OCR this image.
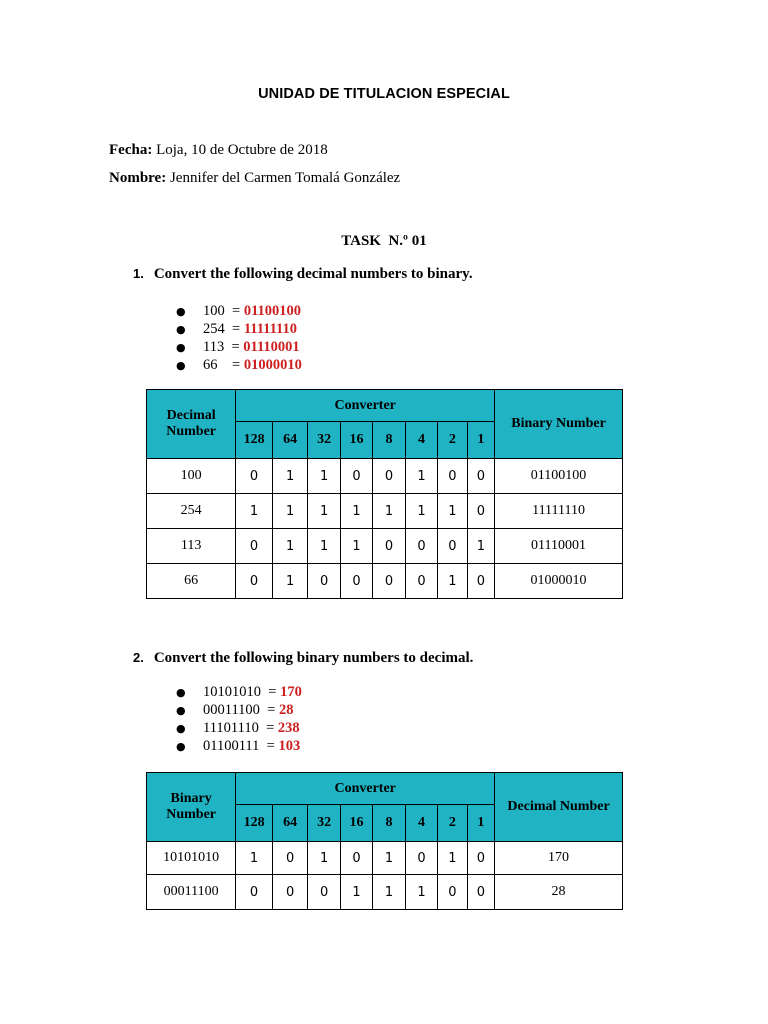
UNIDAD DE TITULACION ESPECIAL
Fecha: Loja, 10 de Octubre de 2018
Nombre: Jennifer del Carmen Tomalá González
TASK  N.º 01
1. Convert the following decimal numbers to binary.
● 100  = 01100100
● 254  = 11111110
● 113  = 01110001
● 66    = 01000010
Decimal Number	Converter								Binary Number
	128	64	32	16	8	4	2	1	
100	0	1	1	0	0	1	0	0	01100100
254	1	1	1	1	1	1	1	0	11111110
113	0	1	1	1	0	0	0	1	01110001
66	0	1	0	0	0	0	1	0	01000010
2. Convert the following binary numbers to decimal.
● 10101010  = 170
● 00011100  = 28
● 11101110  = 238
● 01100111  = 103
Binary Number	Converter								Decimal Number
	128	64	32	16	8	4	2	1	
10101010	1	0	1	0	1	0	1	0	170
00011100	0	0	0	1	1	1	0	0	28
